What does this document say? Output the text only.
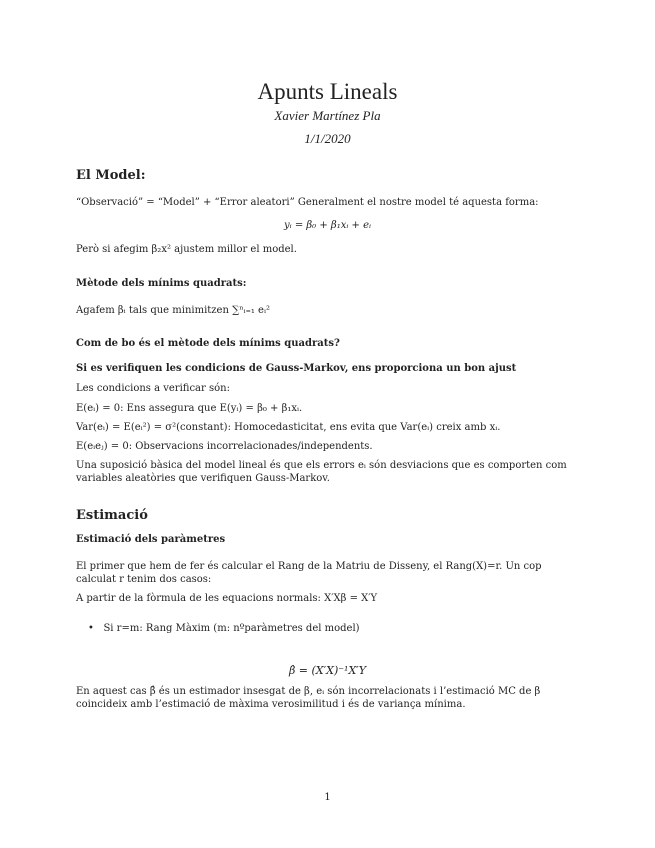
Apunts Lineals
Xavier Martínez Pla
1/1/2020
El Model:
“Observació” = “Model” + “Error aleatori” Generalment el nostre model té aquesta forma:
yᵢ = β₀ + β₁xᵢ + eᵢ
Però si afegim β₂x² ajustem millor el model.
Mètode dels mínims quadrats:
Agafem βᵢ tals que minimitzen ∑ⁿᵢ₌₁ eᵢ²
Com de bo és el mètode dels mínims quadrats?
Si es verifiquen les condicions de Gauss-Markov, ens proporciona un bon ajust
Les condicions a verificar són:
E(eᵢ) = 0: Ens assegura que E(yᵢ) = β₀ + β₁xᵢ.
Var(eᵢ) = E(eᵢ²) = σ²(constant): Homocedasticitat, ens evita que Var(eᵢ) creix amb xᵢ.
E(eᵢeⱼ) = 0: Observacions incorrelacionades/independents.
Una suposició bàsica del model lineal és que els errors eᵢ són desviacions que es comporten com variables aleatòries que verifiquen Gauss-Markov.
Estimació
Estimació dels paràmetres
El primer que hem de fer és calcular el Rang de la Matriu de Disseny, el Rang(X)=r. Un cop calculat r tenim dos casos:
A partir de la fòrmula de les equacions normals: X′Xβ = X′Y
• Si r=m: Rang Màxim (m: nºparàmetres del model)
β̂ = (X′X)⁻¹X′Y
En aquest cas β̂ és un estimador insesgat de β, eᵢ són incorrelacionats i l’estimació MC de β coincideix amb l’estimació de màxima verosimilitud i és de variança mínima.
1
